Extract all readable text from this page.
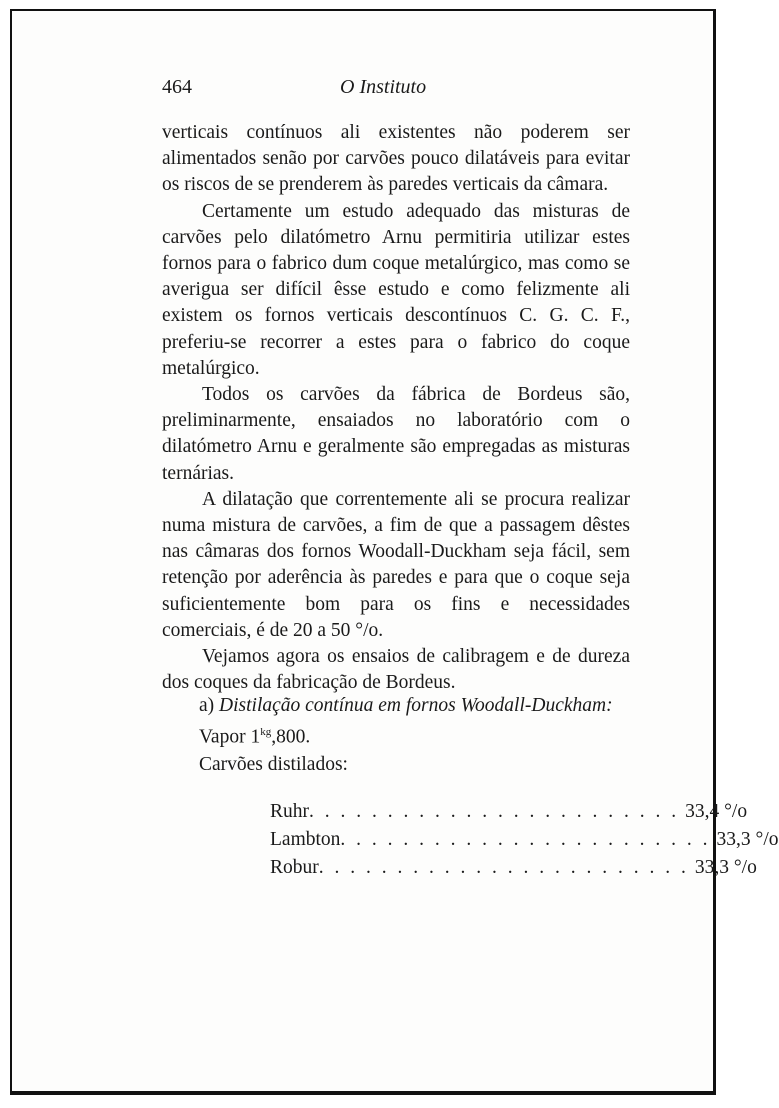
464	O Instituto

verticais contínuos ali existentes não poderem ser alimentados senão por carvões pouco dilatáveis para evitar os riscos de se prenderem às paredes verticais da câmara.

Certamente um estudo adequado das misturas de carvões pelo dilatómetro Arnu permitiria utilizar estes fornos para o fabrico dum coque metalúrgico, mas como se averigua ser difícil êsse estudo e como felizmente ali existem os fornos verticais descontínuos C. G. C. F., preferiu-se recorrer a estes para o fabrico do coque metalúrgico.

Todos os carvões da fábrica de Bordeus são, preliminarmente, ensaiados no laboratório com o dilatómetro Arnu e geralmente são empregadas as misturas ternárias.

A dilatação que correntemente ali se procura realizar numa mistura de carvões, a fim de que a passagem dêstes nas câmaras dos fornos Woodall-Duckham seja fácil, sem retenção por aderência às paredes e para que o coque seja suficientemente bom para os fins e necessidades comerciais, é de 20 a 50 °/o.

Vejamos agora os ensaios de calibragem e de dureza dos coques da fabricação de Bordeus.

a) Distilação contínua em fornos Woodall-Duckham:
Vapor $1^{kg},800$.
Carvões distilados:
Ruhr . . . . . . . . . . . . . . . . . . . . . . . . 33,4 °/o
Lambton . . . . . . . . . . . . . . . . . . . . . . . . 33,3 °/o
Robur . . . . . . . . . . . . . . . . . . . . . . . . 33,3 °/o
